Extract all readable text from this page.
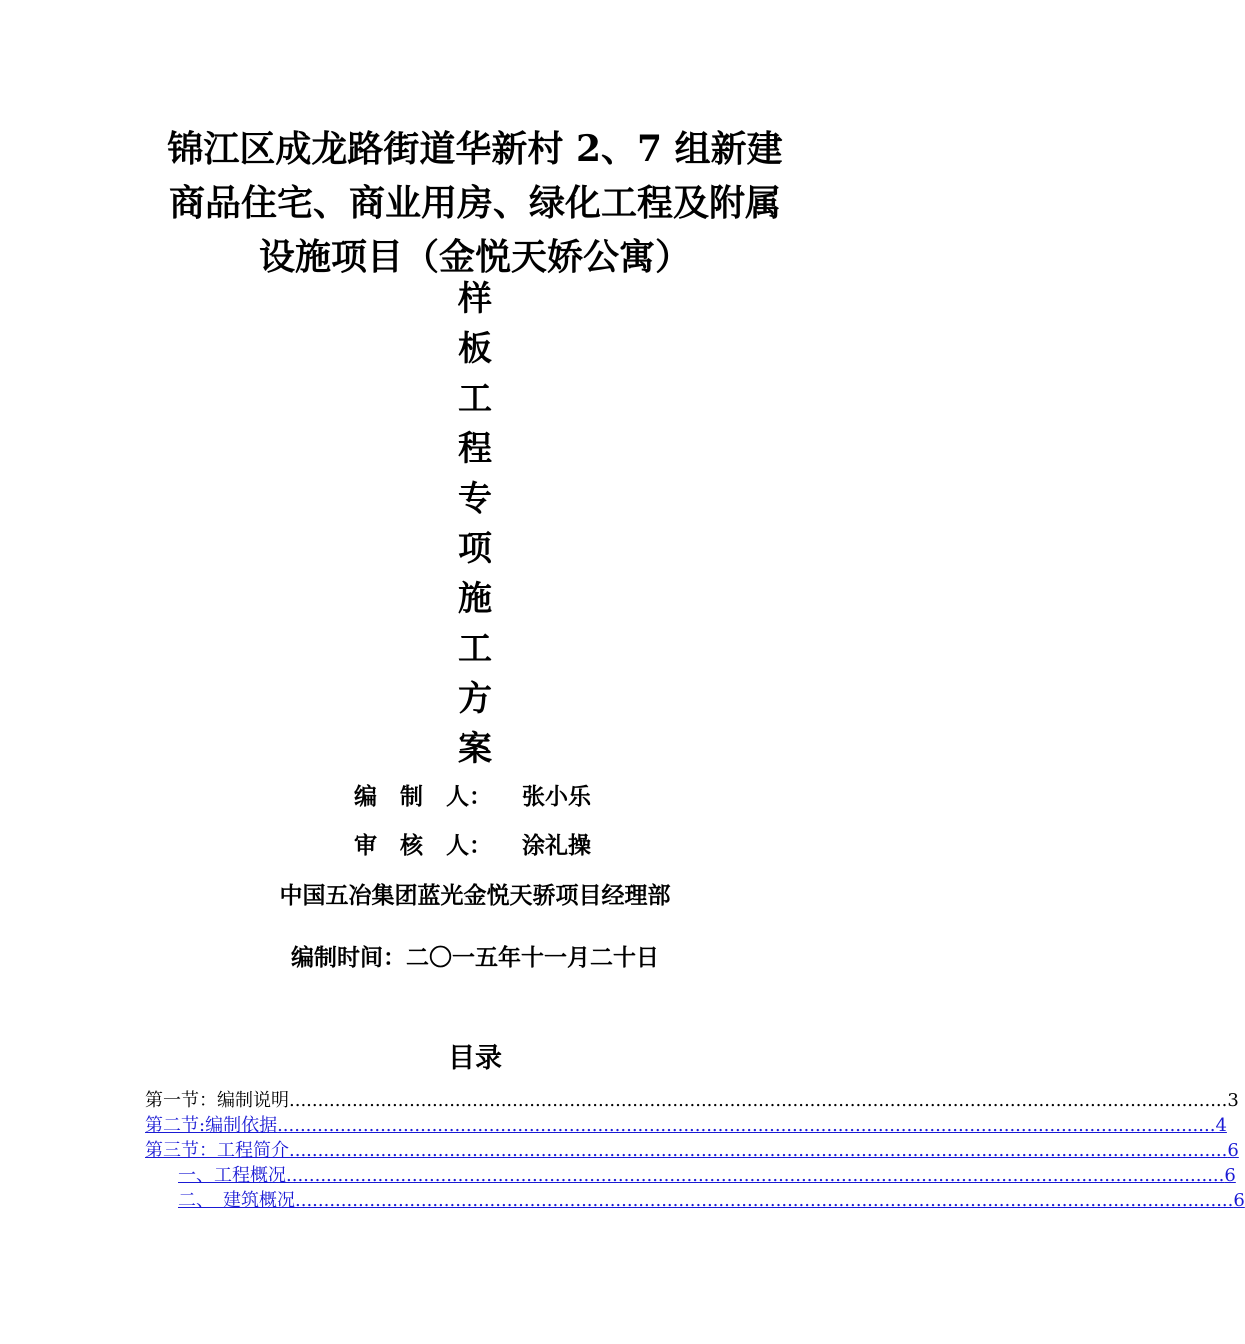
锦江区成龙路街道华新村 2、7 组新建
商品住宅、商业用房、绿化工程及附属
设施项目（金悦天娇公寓）
样
板
工
程
专
项
施
工
方
案
编　制　人： 张小乐
审　核　人： 涂礼操
中国五冶集团蓝光金悦天骄项目经理部
编制时间：二〇一五年十一月二十日
目录
第一节：编制说明 .................................................................................................................................................................... 3
第二节:编制依据 .................................................................................................................................................................... 4
第三节：工程简介 .................................................................................................................................................................... 6
一、工程概况 .................................................................................................................................................................... 6
二、　建筑概况 .................................................................................................................................................................... 6
